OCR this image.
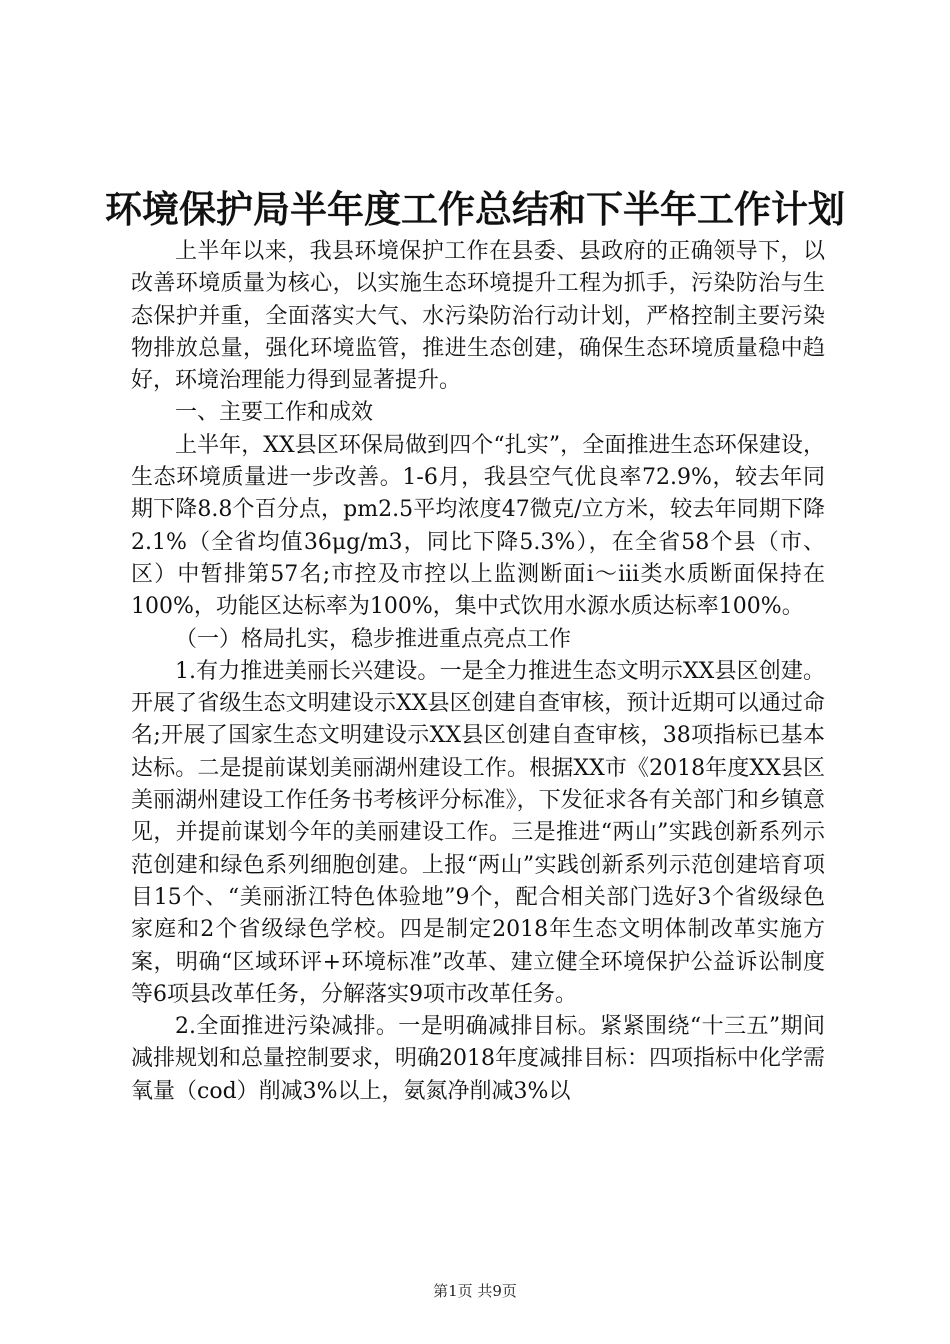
环境保护局半年度工作总结和下半年工作计划

上半年以来，我县环境保护工作在县委、县政府的正确领导下，以改善环境质量为核心，以实施生态环境提升工程为抓手，污染防治与生态保护并重，全面落实大气、水污染防治行动计划，严格控制主要污染物排放总量，强化环境监管，推进生态创建，确保生态环境质量稳中趋好，环境治理能力得到显著提升。

一、主要工作和成效

上半年，XX县区环保局做到四个“扎实”，全面推进生态环保建设，生态环境质量进一步改善。1-6月，我县空气优良率72.9%，较去年同期下降8.8个百分点，pm2.5平均浓度47微克/立方米，较去年同期下降2.1%（全省均值36μg/m3，同比下降5.3%），在全省58个县（市、区）中暂排第57名;市控及市控以上监测断面ⅰ～ⅲ类水质断面保持在100%，功能区达标率为100%，集中式饮用水源水质达标率100%。

（一）格局扎实，稳步推进重点亮点工作

1.有力推进美丽长兴建设。一是全力推进生态文明示XX县区创建。开展了省级生态文明建设示XX县区创建自查审核，预计近期可以通过命名;开展了国家生态文明建设示XX县区创建自查审核，38项指标已基本达标。二是提前谋划美丽湖州建设工作。根据XX市《2018年度XX县区美丽湖州建设工作任务书考核评分标准》，下发征求各有关部门和乡镇意见，并提前谋划今年的美丽建设工作。三是推进“两山”实践创新系列示范创建和绿色系列细胞创建。上报“两山”实践创新系列示范创建培育项目15个、“美丽浙江特色体验地”9个，配合相关部门选好3个省级绿色家庭和2个省级绿色学校。四是制定2018年生态文明体制改革实施方案，明确“区域环评+环境标准”改革、建立健全环境保护公益诉讼制度等6项县改革任务，分解落实9项市改革任务。

2.全面推进污染减排。一是明确减排目标。紧紧围绕“十三五”期间减排规划和总量控制要求，明确2018年度减排目标：四项指标中化学需氧量（cod）削减3%以上，氨氮净削减3%以

第1页 共9页
